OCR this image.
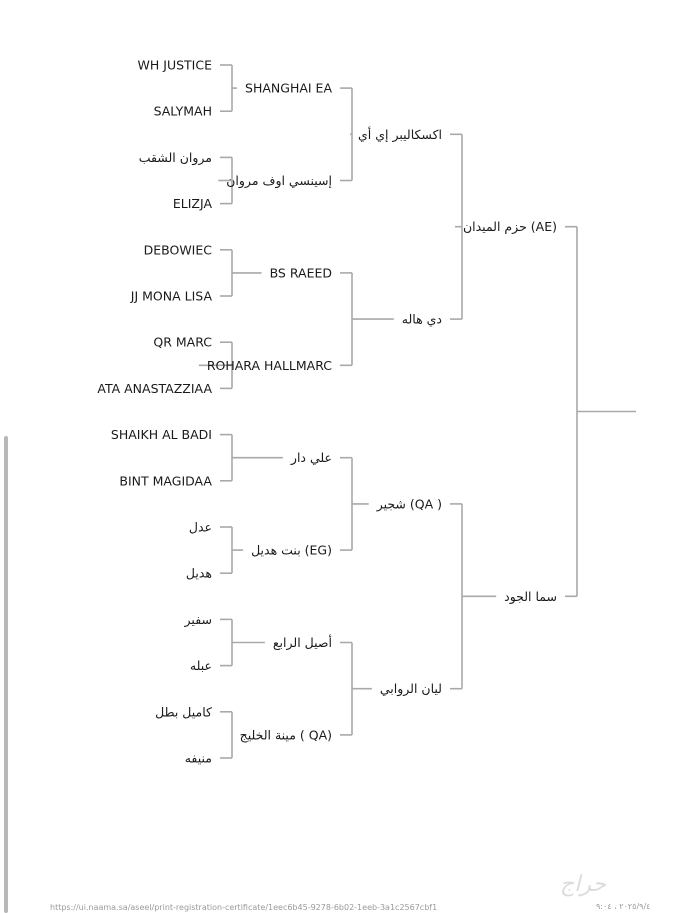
حزم الميدان (AE)
اكسكاليبر إي أي
SHANGHAI EA
WH JUSTICE
SALYMAH
إسينسي اوف مروان
مروان الشقب
ELIZJA
دي هاله
BS RAEED
DEBOWIEC
JJ MONA LISA
ROHARA HALLMARC
QR MARC
ATA ANASTAZZIAA
سما الجود
شجير (QA )
علي دار
SHAIKH AL BADI
BINT MAGIDAA
بنت هديل (EG)
عدل
هديل
ليان الروابي
أصيل الرابع
سفير
عبله
مينة الخليج ( QA)
كاميل بطل
منيفه
حراج
https://ui.naama.sa/aseel/print-registration-certificate/1eec6b45-9278-6b02-1eeb-3a1c2567cbf1	٢٠٢٥/٩/٤ ، ٩:٠٤
